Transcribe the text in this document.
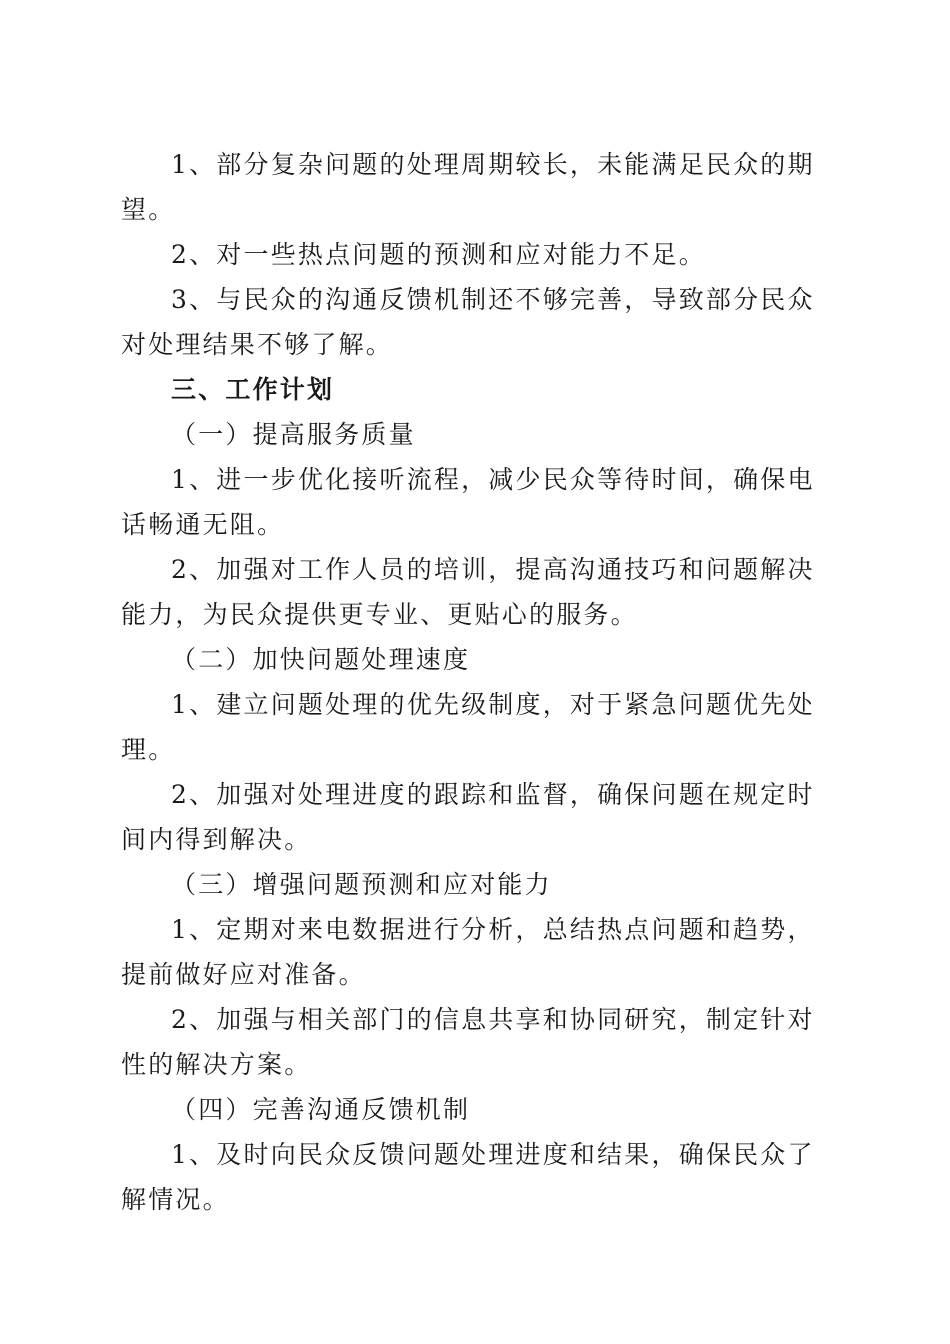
1、部分复杂问题的处理周期较长，未能满足民众的期望。

2、对一些热点问题的预测和应对能力不足。

3、与民众的沟通反馈机制还不够完善，导致部分民众对处理结果不够了解。

三、工作计划
（一）提高服务质量

1、进一步优化接听流程，减少民众等待时间，确保电话畅通无阻。

2、加强对工作人员的培训，提高沟通技巧和问题解决能力，为民众提供更专业、更贴心的服务。

（二）加快问题处理速度

1、建立问题处理的优先级制度，对于紧急问题优先处理。

2、加强对处理进度的跟踪和监督，确保问题在规定时间内得到解决。

（三）增强问题预测和应对能力

1、定期对来电数据进行分析，总结热点问题和趋势，提前做好应对准备。

2、加强与相关部门的信息共享和协同研究，制定针对性的解决方案。

（四）完善沟通反馈机制

1、及时向民众反馈问题处理进度和结果，确保民众了解情况。
